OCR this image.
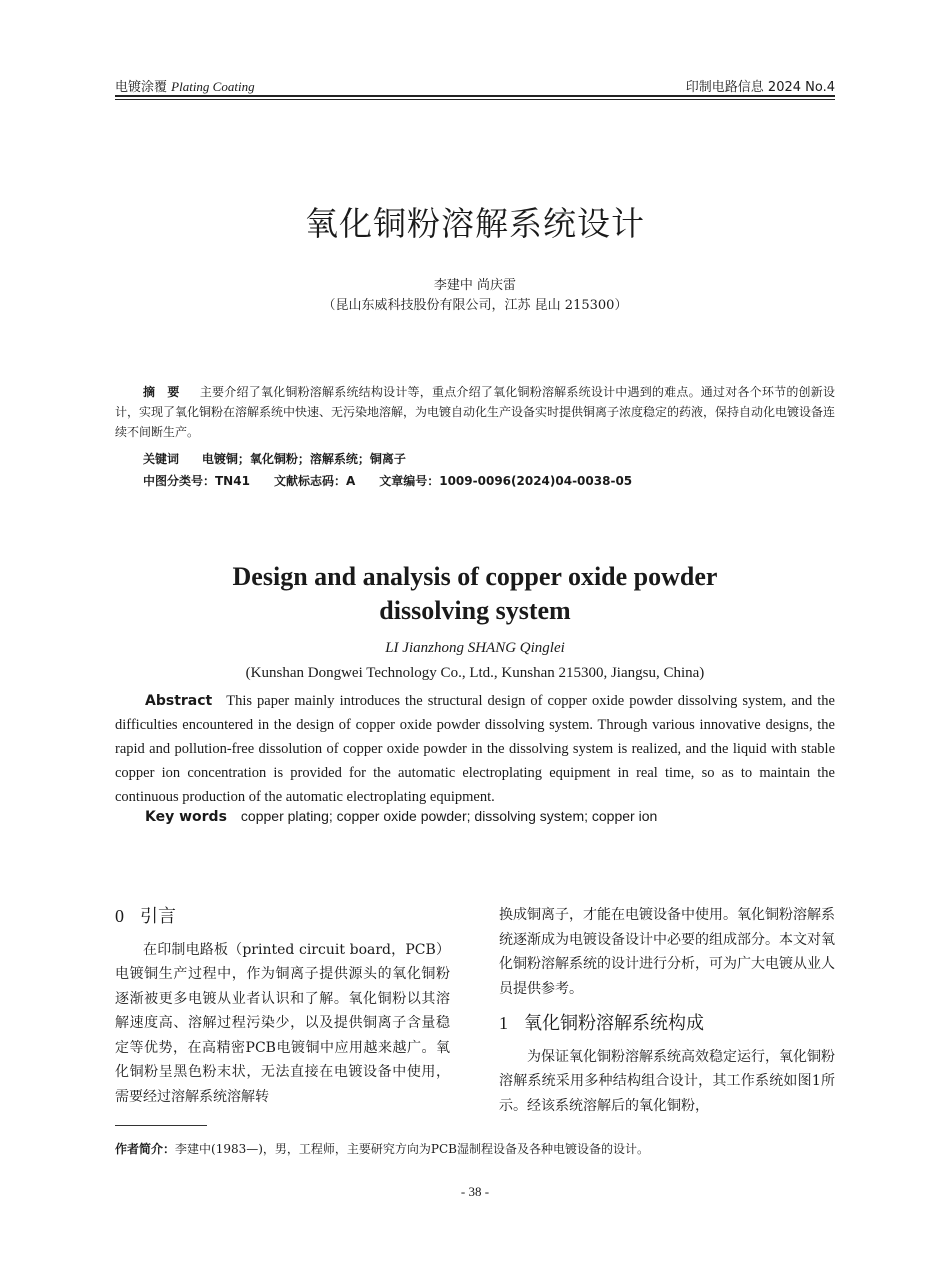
电镀涂覆 Plating Coating	印制电路信息 2024 No.4
氧化铜粉溶解系统设计
李建中 尚庆雷
（昆山东威科技股份有限公司，江苏 昆山 215300）
摘　要 主要介绍了氧化铜粉溶解系统结构设计等，重点介绍了氧化铜粉溶解系统设计中遇到的难点。通过对各个环节的创新设计，实现了氧化铜粉在溶解系统中快速、无污染地溶解，为电镀自动化生产设备实时提供铜离子浓度稳定的药液，保持自动化电镀设备连续不间断生产。
关键词 电镀铜；氧化铜粉；溶解系统；铜离子
中图分类号：TN41 文献标志码：A 文章编号：1009-0096(2024)04-0038-05
Design and analysis of copper oxide powder dissolving system
LI Jianzhong SHANG Qinglei
(Kunshan Dongwei Technology Co., Ltd., Kunshan 215300, Jiangsu, China)
Abstract This paper mainly introduces the structural design of copper oxide powder dissolving system, and the difficulties encountered in the design of copper oxide powder dissolving system. Through various innovative designs, the rapid and pollution-free dissolution of copper oxide powder in the dissolving system is realized, and the liquid with stable copper ion concentration is provided for the automatic electroplating equipment in real time, so as to maintain the continuous production of the automatic electroplating equipment.
Key words copper plating; copper oxide powder; dissolving system; copper ion

0 引言

在印制电路板（printed circuit board，PCB）电镀铜生产过程中，作为铜离子提供源头的氧化铜粉逐渐被更多电镀从业者认识和了解。氧化铜粉以其溶解速度高、溶解过程污染少，以及提供铜离子含量稳定等优势，在高精密PCB电镀铜中应用越来越广。氧化铜粉呈黑色粉末状，无法直接在电镀设备中使用，需要经过溶解系统溶解转

换成铜离子，才能在电镀设备中使用。氧化铜粉溶解系统逐渐成为电镀设备设计中必要的组成部分。本文对氧化铜粉溶解系统的设计进行分析，可为广大电镀从业人员提供参考。

1 氧化铜粉溶解系统构成

为保证氧化铜粉溶解系统高效稳定运行，氧化铜粉溶解系统采用多种结构组合设计，其工作系统如图1所示。经该系统溶解后的氧化铜粉，

作者简介：李建中(1983—)，男，工程师，主要研究方向为PCB湿制程设备及各种电镀设备的设计。
- 38 -
